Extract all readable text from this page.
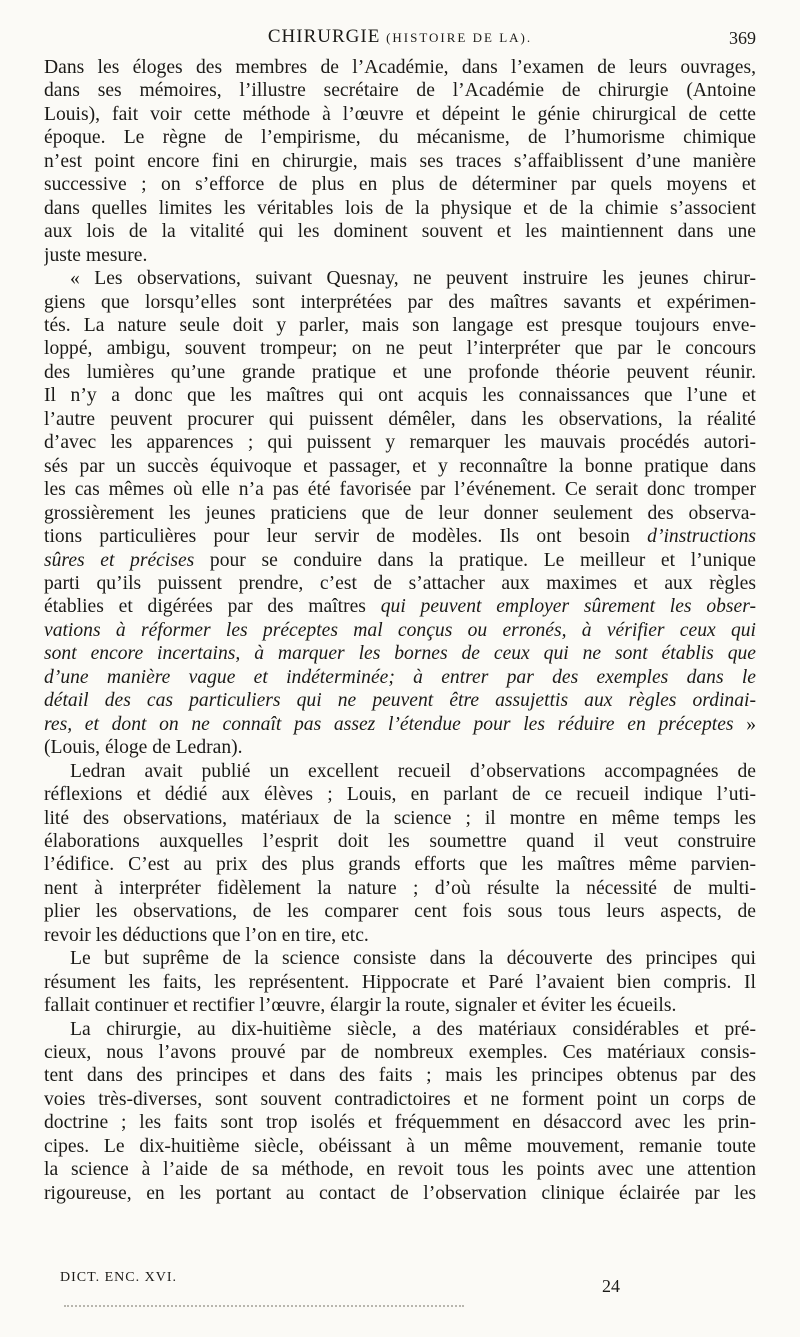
CHIRURGIE (HISTOIRE DE LA).	369
Dans les éloges des membres de l’Académie, dans l’examen de leurs ouvrages,
dans ses mémoires, l’illustre secrétaire de l’Académie de chirurgie (Antoine
Louis), fait voir cette méthode à l’œuvre et dépeint le génie chirurgical de cette
époque. Le règne de l’empirisme, du mécanisme, de l’humorisme chimique
n’est point encore fini en chirurgie, mais ses traces s’affaiblissent d’une manière
successive ; on s’efforce de plus en plus de déterminer par quels moyens et
dans quelles limites les véritables lois de la physique et de la chimie s’associent
aux lois de la vitalité qui les dominent souvent et les maintiennent dans une
juste mesure.
« Les observations, suivant Quesnay, ne peuvent instruire les jeunes chirur-
giens que lorsqu’elles sont interprétées par des maîtres savants et expérimen-
tés. La nature seule doit y parler, mais son langage est presque toujours enve-
loppé, ambigu, souvent trompeur; on ne peut l’interpréter que par le concours
des lumières qu’une grande pratique et une profonde théorie peuvent réunir.
Il n’y a donc que les maîtres qui ont acquis les connaissances que l’une et
l’autre peuvent procurer qui puissent démêler, dans les observations, la réalité
d’avec les apparences ; qui puissent y remarquer les mauvais procédés autori-
sés par un succès équivoque et passager, et y reconnaître la bonne pratique dans
les cas mêmes où elle n’a pas été favorisée par l’événement. Ce serait donc tromper
grossièrement les jeunes praticiens que de leur donner seulement des observa-
tions particulières pour leur servir de modèles. Ils ont besoin d’instructions
sûres et précises pour se conduire dans la pratique. Le meilleur et l’unique
parti qu’ils puissent prendre, c’est de s’attacher aux maximes et aux règles
établies et digérées par des maîtres qui peuvent employer sûrement les obser-
vations à réformer les préceptes mal conçus ou erronés, à vérifier ceux qui
sont encore incertains, à marquer les bornes de ceux qui ne sont établis que
d’une manière vague et indéterminée; à entrer par des exemples dans le
détail des cas particuliers qui ne peuvent être assujettis aux règles ordinai-
res, et dont on ne connaît pas assez l’étendue pour les réduire en préceptes »
(Louis, éloge de Ledran).
Ledran avait publié un excellent recueil d’observations accompagnées de
réflexions et dédié aux élèves ; Louis, en parlant de ce recueil indique l’uti-
lité des observations, matériaux de la science ; il montre en même temps les
élaborations auxquelles l’esprit doit les soumettre quand il veut construire
l’édifice. C’est au prix des plus grands efforts que les maîtres même parvien-
nent à interpréter fidèlement la nature ; d’où résulte la nécessité de multi-
plier les observations, de les comparer cent fois sous tous leurs aspects, de
revoir les déductions que l’on en tire, etc.
Le but suprême de la science consiste dans la découverte des principes qui
résument les faits, les représentent. Hippocrate et Paré l’avaient bien compris. Il
fallait continuer et rectifier l’œuvre, élargir la route, signaler et éviter les écueils.
La chirurgie, au dix-huitième siècle, a des matériaux considérables et pré-
cieux, nous l’avons prouvé par de nombreux exemples. Ces matériaux consis-
tent dans des principes et dans des faits ; mais les principes obtenus par des
voies très-diverses, sont souvent contradictoires et ne forment point un corps de
doctrine ; les faits sont trop isolés et fréquemment en désaccord avec les prin-
cipes. Le dix-huitième siècle, obéissant à un même mouvement, remanie toute
la science à l’aide de sa méthode, en revoit tous les points avec une attention
rigoureuse, en les portant au contact de l’observation clinique éclairée par les
DICT. ENC. XVI.	24
